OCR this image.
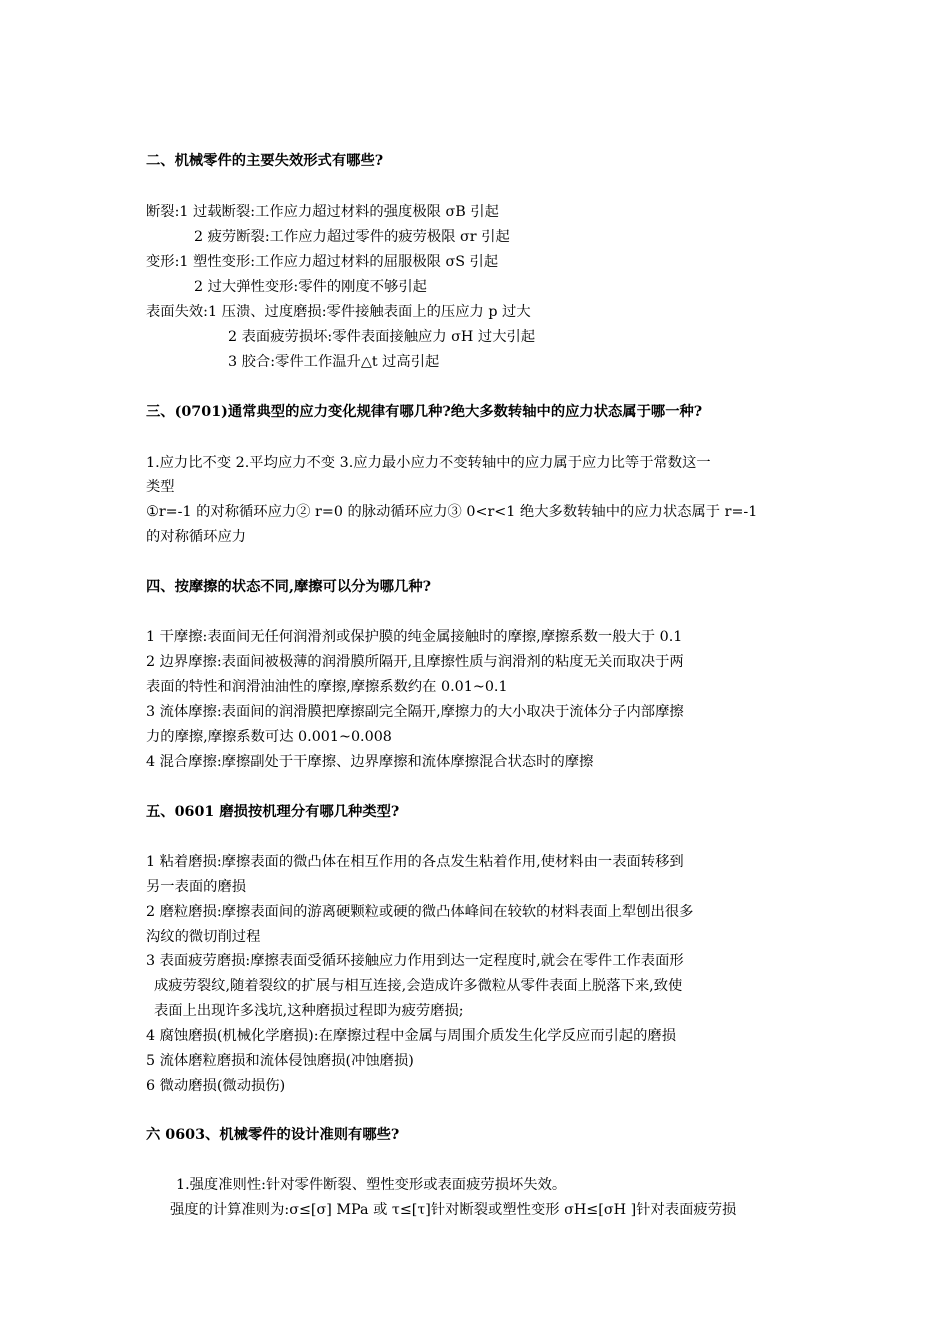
二、机械零件的主要失效形式有哪些?
断裂:1 过载断裂:工作应力超过材料的强度极限 σB 引起
2 疲劳断裂:工作应力超过零件的疲劳极限 σr 引起
变形:1 塑性变形:工作应力超过材料的屈服极限 σS 引起
2 过大弹性变形:零件的刚度不够引起
表面失效:1 压溃、过度磨损:零件接触表面上的压应力 p 过大
2 表面疲劳损坏:零件表面接触应力 σH 过大引起
3 胶合:零件工作温升△t 过高引起
三、(0701)通常典型的应力变化规律有哪几种?绝大多数转轴中的应力状态属于哪一种?
1.应力比不变 2.平均应力不变 3.应力最小应力不变转轴中的应力属于应力比等于常数这一
类型
①r=-1 的对称循环应力② r=0 的脉动循环应力③ 0<r<1 绝大多数转轴中的应力状态属于 r=-1
的对称循环应力
四、按摩擦的状态不同,摩擦可以分为哪几种?
1 干摩擦:表面间无任何润滑剂或保护膜的纯金属接触时的摩擦,摩擦系数一般大于 0.1
2 边界摩擦:表面间被极薄的润滑膜所隔开,且摩擦性质与润滑剂的粘度无关而取决于两
表面的特性和润滑油油性的摩擦,摩擦系数约在 0.01~0.1
3 流体摩擦:表面间的润滑膜把摩擦副完全隔开,摩擦力的大小取决于流体分子内部摩擦
力的摩擦,摩擦系数可达 0.001~0.008
4 混合摩擦:摩擦副处于干摩擦、边界摩擦和流体摩擦混合状态时的摩擦
五、0601 磨损按机理分有哪几种类型?
1 粘着磨损:摩擦表面的微凸体在相互作用的各点发生粘着作用,使材料由一表面转移到
另一表面的磨损
2 磨粒磨损:摩擦表面间的游离硬颗粒或硬的微凸体峰间在较软的材料表面上犁刨出很多
沟纹的微切削过程
3 表面疲劳磨损:摩擦表面受循环接触应力作用到达一定程度时,就会在零件工作表面形
成疲劳裂纹,随着裂纹的扩展与相互连接,会造成许多微粒从零件表面上脱落下来,致使
表面上出现许多浅坑,这种磨损过程即为疲劳磨损;
4 腐蚀磨损(机械化学磨损):在摩擦过程中金属与周围介质发生化学反应而引起的磨损
5 流体磨粒磨损和流体侵蚀磨损(冲蚀磨损)
6 微动磨损(微动损伤)
六 0603、机械零件的设计准则有哪些?
1.强度准则性:针对零件断裂、塑性变形或表面疲劳损坏失效。
强度的计算准则为:σ≤[σ] MPa 或 τ≤[τ]针对断裂或塑性变形 σH≤[σH ]针对表面疲劳损
